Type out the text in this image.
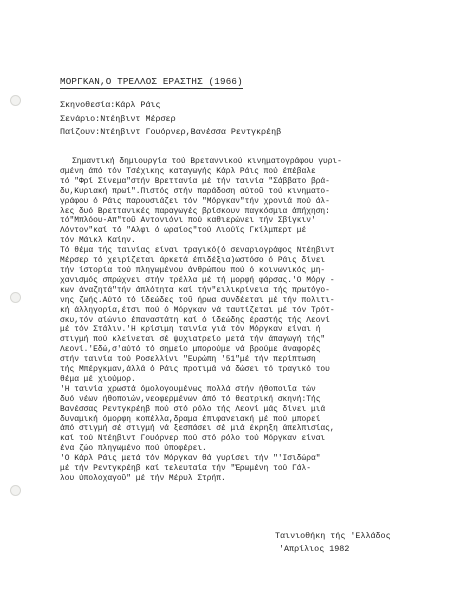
ΜΟΡΓΚΑΝ,Ο ΤΡΕΛΛΟΣ ΕΡΑΣΤΗΣ (1966)
Σκηνοθεσία:Κάρλ Ράις
Σενάριο:Ντέηβιντ Μέρσερ
Παίζουν:Ντέηβιντ Γουόρνερ,Βανέσσα Ρεντγκρέηβ
Σημαντική δημιουργία τού Βρεταννικού κινηματογράφου γυρι-
σμένη άπό τόν Τσέχικης καταγωγής Κάρλ Ράις πού έπέβαλε
τό "Φρί Σίνεμα"στήν Βρεττανία μέ τήν ταινία "Σάββατο βρά-
δυ,Κυριακή πρωί".Πιστός στήν παράδοση αύτοΰ τού κινηματο-
γράφου ό Ράις παρουσιάζει τόν "Μόργκαν"τήν χρονιά πού άλ-
λες δυό Βρεττανικές παραγωγές βρίσκουν παγκόσμια άπήχηση:
τό"Μπλόου-Απ"τοΰ Αντονιόνι πού καθιερώνει τήν Σβίγκιν'
Λόντον"καί τό "Αλφι ό ωραίος"τού Λιούϊς Γκίλμπερτ μέ
τόν Μάικλ Καίην.
Τό θέμα τής ταινίας είναι τραγικό(ό σεναριογράφος Ντέηβιντ
Μέρσερ τό χειρίζεται άρκετά έπιδέξια)ωστόσο ό Ράις δίνει
τήν ίστορία τού πληγωμένου άνθρώπου πού ό κοινωνικός μη-
χανισμός σπρώχνει στήν τρέλλα μέ τή μορφή φάρσας.'Ο Μόργ -
κων άναζητά"τήν άπλότητα καί τήν"ειλικρίνεια τής πρωτόγο-
νης ζωής.Αύτό τό ίδεώδες τοΰ ήρωα συνδέεται μέ τήν πολιτι-
κή άλληγορία,έτσι πού ό Μόργκαν νά ταυτίζεται μέ τόν Τρότ-
σκυ,τόν αίώνιο έπαναστάτη καί ό ίδεώδης έραστής τής Λεονί
μέ τόν Στάλιν.'Η κρίσιμη ταινία γιά τόν Μόργκαν είναι ή
στιγμή πού κλείνεται σέ ψυχιατρείο μετά τήν άπαγωγή τής"
Λεονί.'Εδώ,σ'αύτό τό σημείο μπορούμε νά βρούμε άναφορές
στήν ταινία τού Ροσελλίνι "Ευρώπη '51"μέ τήν περίπτωση
τής Μπέργκμαν,άλλά ό Ράις προτιμά νά δώσει τό τραγικό του
θέμα μέ χιούμορ.
'Η ταινία χρωστά όμολογουμένως πολλά στήν ήθοποιΐα τών
δυό νέων ήθοποιών,νεοφερμένων άπό τό θεατρική σκηνή:Τής
Βανέσσας Ρεντγκρέηβ πού στό ρόλο τής Λεονί μάς δίνει μιά
δυναμική όμορφη κοπέλλα,δραμα έπιφανειακή μέ πού μπορεί
άπό στιγμή σέ στιγμή νά ξεσπάσει σέ μιά έκρηξη άπελπισίας,
καί τού Ντέηβιντ Γουόρνερ πού στό ρόλο τού Μόργκαν είναι
ένα ζώο πληγωμένο πού ύποφέρει.
'Ο Κάρλ Ράις μετά τόν Μόργκαν θά γυρίσει τήν "'Ισιδώρα"
μέ τήν Ρεντγκρέηβ καί τελευταία τήν "Έρωμένη τού Γάλ-
λου ύπολοχαγοΰ" μέ τήν Μέρυλ Στρήπ.
Ταινιοθήκη τής 'Ελλάδος
'Απρίλιος 1982
